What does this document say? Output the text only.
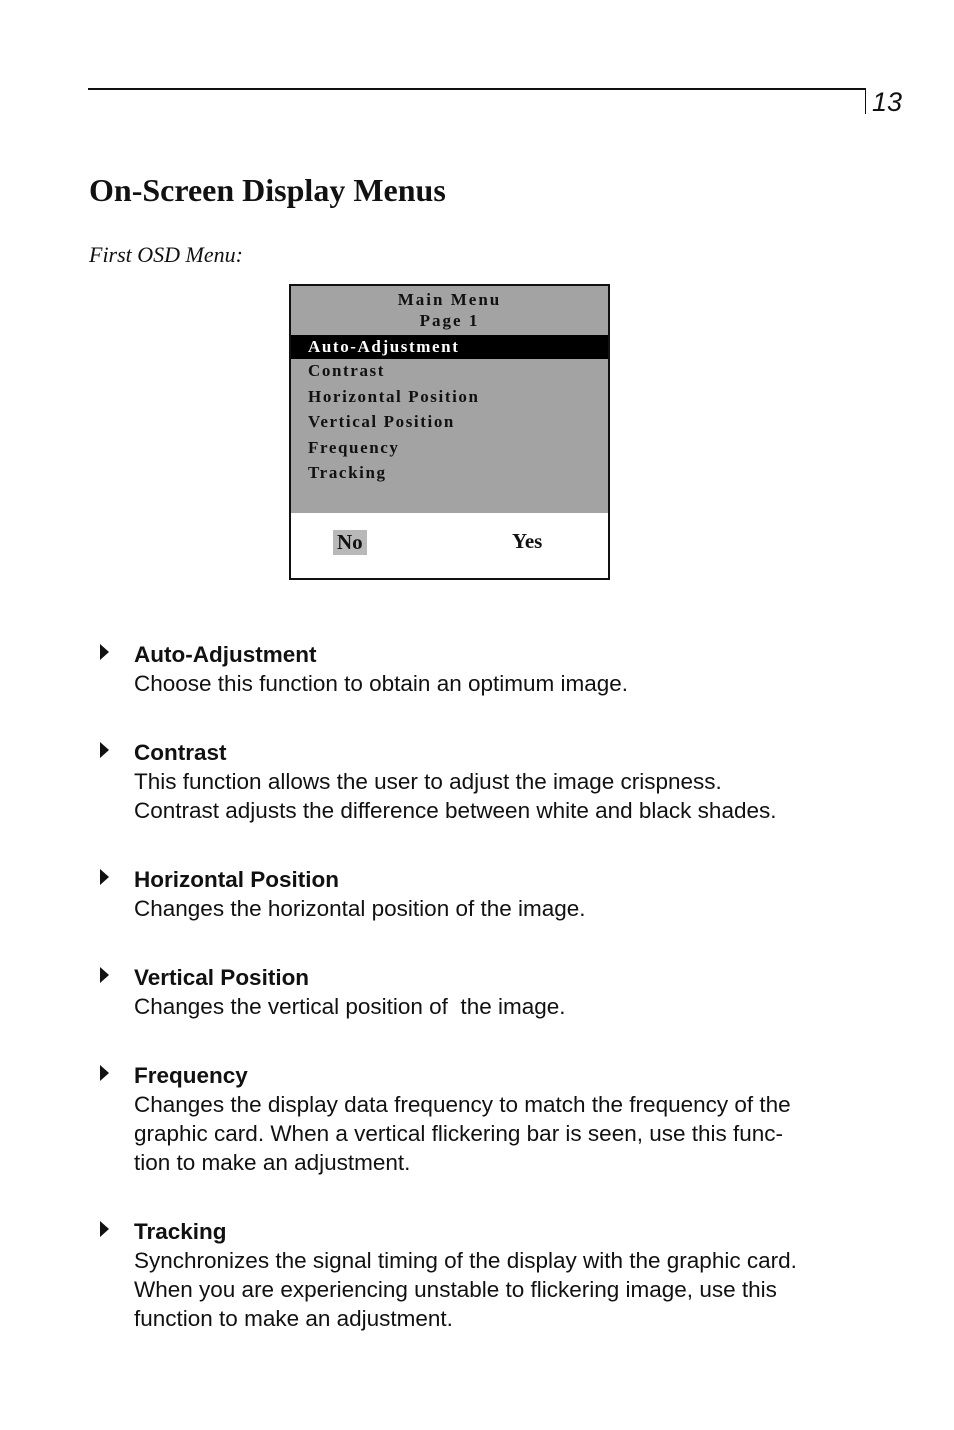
13
On-Screen Display Menus
First OSD Menu:
Main Menu
Page 1
Auto-Adjustment
Contrast
Horizontal Position
Vertical Position
Frequency
Tracking
No	Yes
Auto-Adjustment
Choose this function to obtain an optimum image.
Contrast
This function allows the user to adjust the image crispness.
Contrast adjusts the difference between white and black shades.
Horizontal Position
Changes the horizontal position of the image.
Vertical Position
Changes the vertical position of  the image.
Frequency
Changes the display data frequency to match the frequency of the
graphic card. When a vertical flickering bar is seen, use this func-
tion to make an adjustment.
Tracking
Synchronizes the signal timing of the display with the graphic card.
When you are experiencing unstable to flickering image, use this
function to make an adjustment.
